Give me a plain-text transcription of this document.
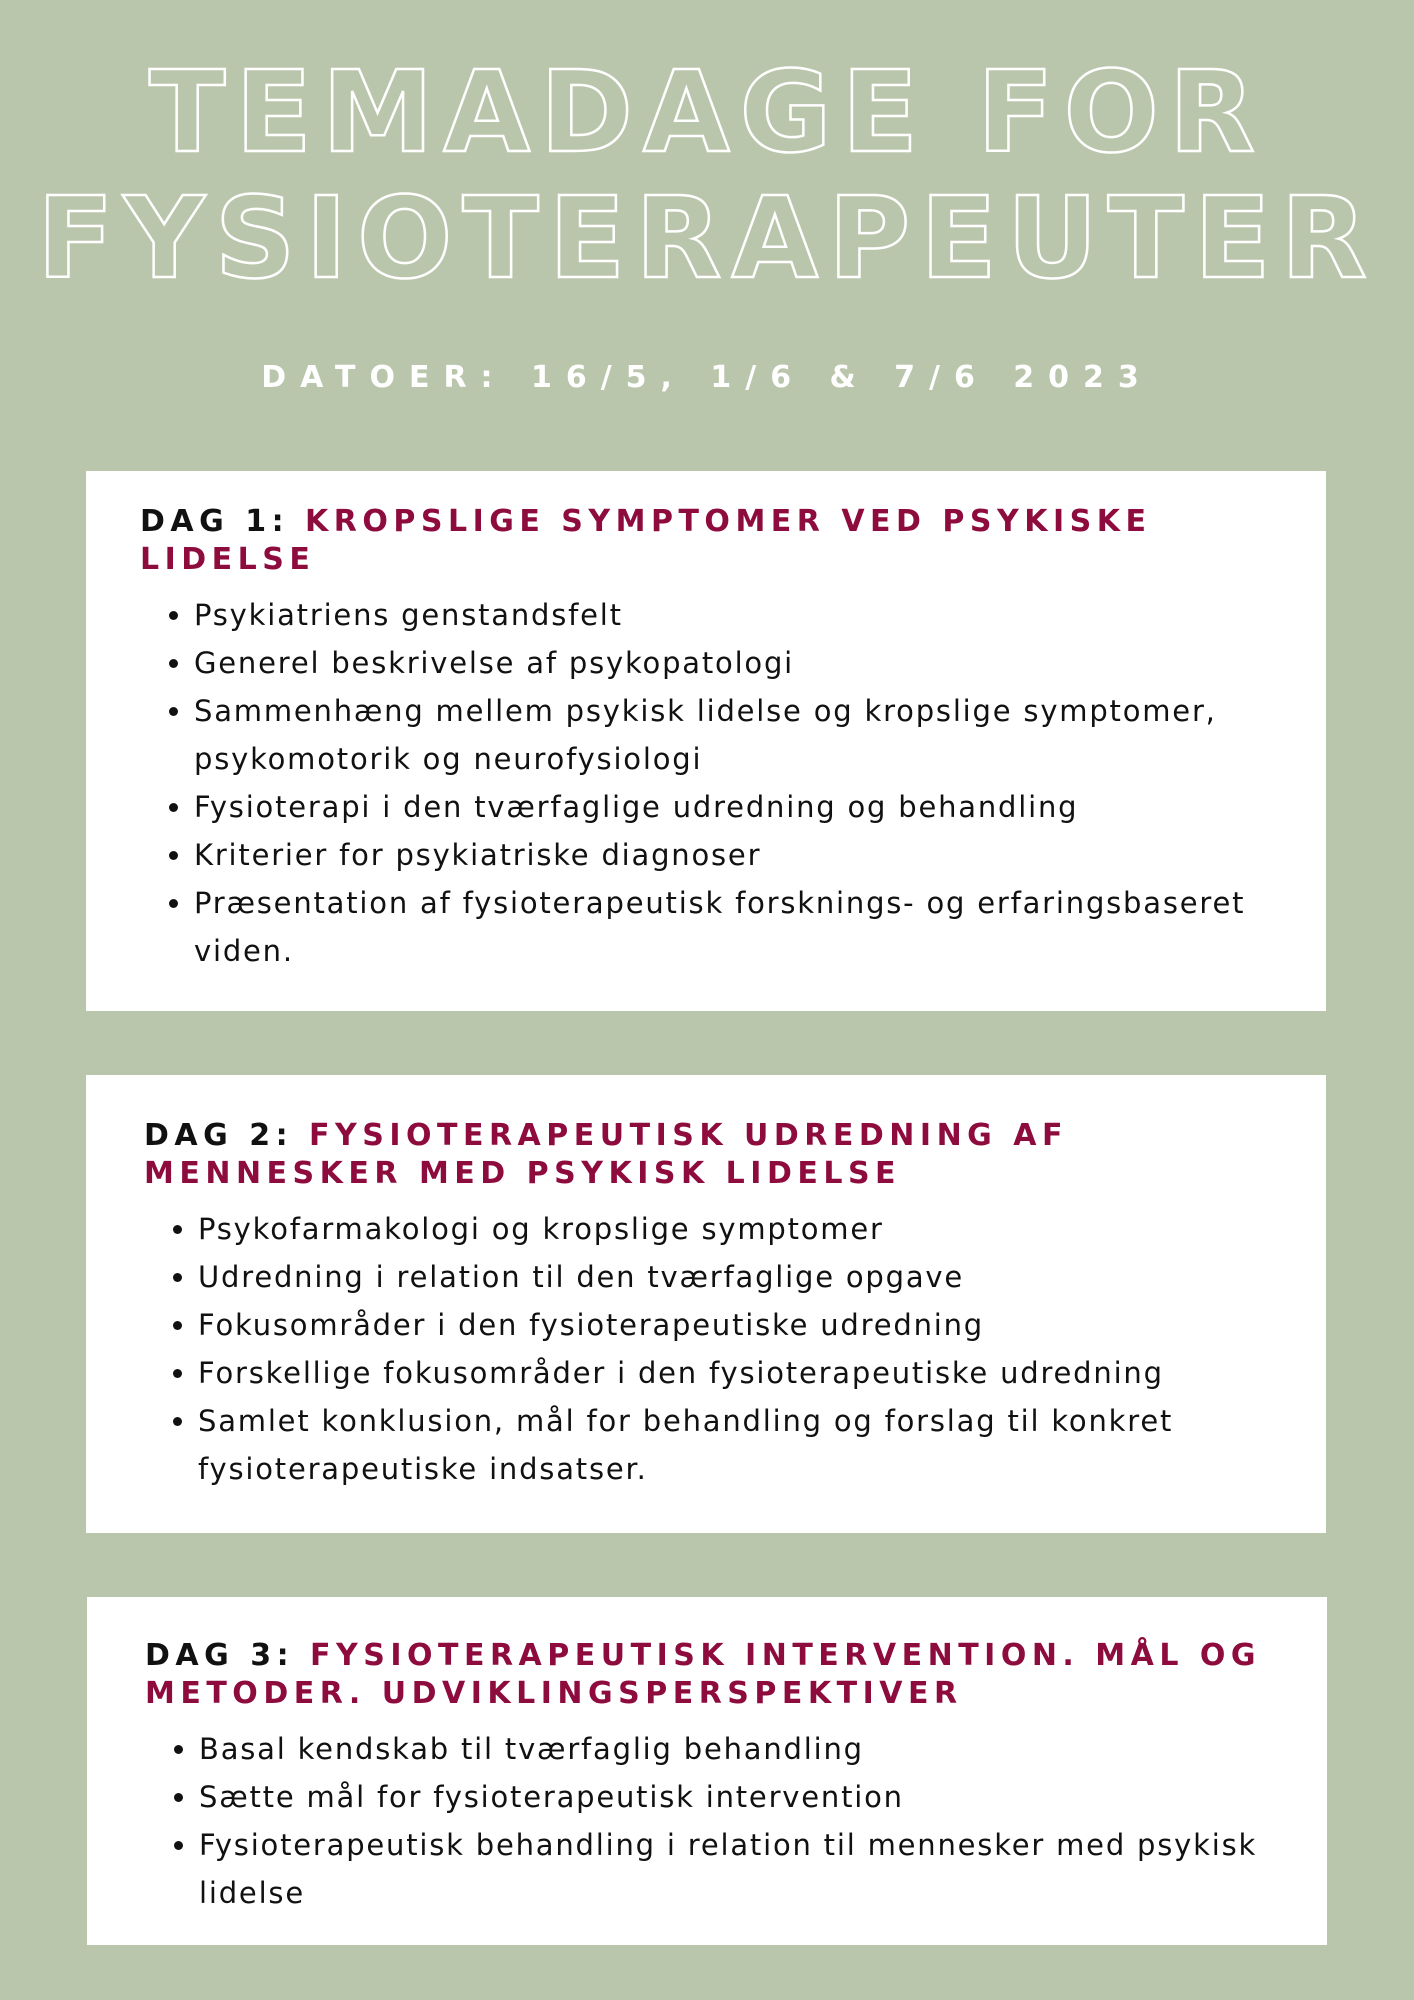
TEMADAGE FOR
FYSIOTERAPEUTER
DATOER: 16/5, 1/6 & 7/6 2023
DAG 1: KROPSLIGE SYMPTOMER VED PSYKISKE LIDELSE
• Psykiatriens genstandsfelt
• Generel beskrivelse af psykopatologi
• Sammenhæng mellem psykisk lidelse og kropslige symptomer, psykomotorik og neurofysiologi
• Fysioterapi i den tværfaglige udredning og behandling
• Kriterier for psykiatriske diagnoser
• Præsentation af fysioterapeutisk forsknings- og erfaringsbaseret viden.
DAG 2: FYSIOTERAPEUTISK UDREDNING AF MENNESKER MED PSYKISK LIDELSE
• Psykofarmakologi og kropslige symptomer
• Udredning i relation til den tværfaglige opgave
• Fokusområder i den fysioterapeutiske udredning
• Forskellige fokusområder i den fysioterapeutiske udredning
• Samlet konklusion, mål for behandling og forslag til konkret fysioterapeutiske indsatser.
DAG 3: FYSIOTERAPEUTISK INTERVENTION. MÅL OG METODER. UDVIKLINGSPERSPEKTIVER
• Basal kendskab til tværfaglig behandling
• Sætte mål for fysioterapeutisk intervention
• Fysioterapeutisk behandling i relation til mennesker med psykisk lidelse
